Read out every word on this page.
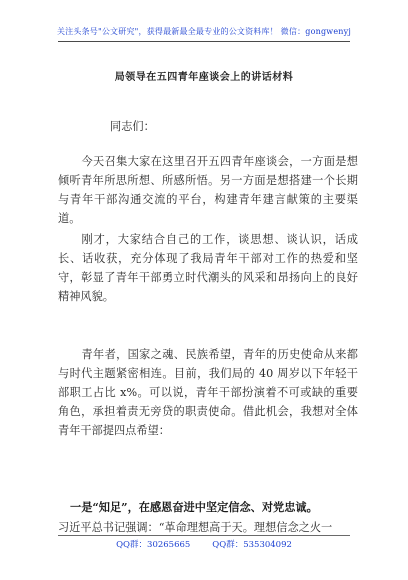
关注头条号"公文研究"，获得最新最全最专业的公文资料库！ 微信：gongwenyj
局领导在五四青年座谈会上的讲话材料
同志们：
今天召集大家在这里召开五四青年座谈会，一方面是想倾听青年所思所想、所感所悟。另一方面是想搭建一个长期与青年干部沟通交流的平台，构建青年建言献策的主要渠道。
刚才，大家结合自己的工作，谈思想、谈认识，话成长、话收获，充分体现了我局青年干部对工作的热爱和坚守，彰显了青年干部勇立时代潮头的风采和昂扬向上的良好精神风貌。
青年者，国家之魂、民族希望，青年的历史使命从来都与时代主题紧密相连。目前，我们局的 40 周岁以下年轻干部职工占比 x%。可以说，青年干部扮演着不可或缺的重要角色，承担着责无旁贷的职责使命。借此机会，我想对全体青年干部提四点希望：
一是“知足”，在感恩奋进中坚定信念、对党忠诚。
习近平总书记强调：“革命理想高于天。理想信念之火一
QQ群：30265665	QQ群：535304092
